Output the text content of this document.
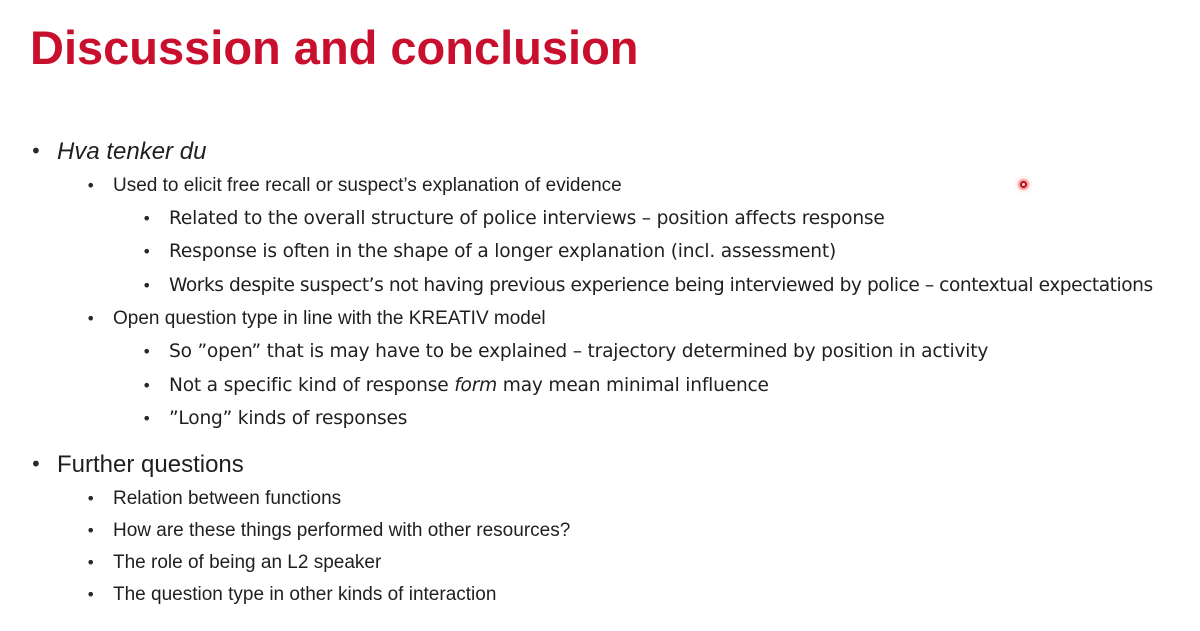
Discussion and conclusion
• Hva tenker du
• Used to elicit free recall or suspect’s explanation of evidence
• Related to the overall structure of police interviews – position affects response
• Response is often in the shape of a longer explanation (incl. assessment)
• Works despite suspect’s not having previous experience being interviewed by police – contextual expectations
• Open question type in line with the KREATIV model
• So ”open” that is may have to be explained – trajectory determined by position in activity
• Not a specific kind of response form may mean minimal influence
• ”Long” kinds of responses
• Further questions
• Relation between functions
• How are these things performed with other resources?
• The role of being an L2 speaker
• The question type in other kinds of interaction
